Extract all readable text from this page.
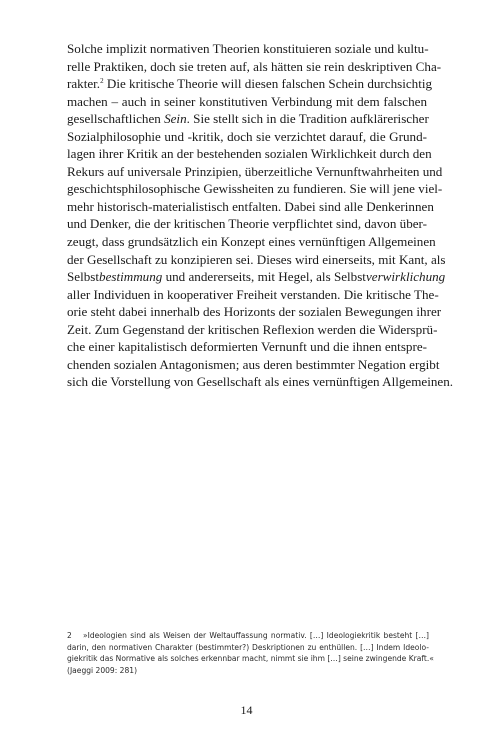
Solche implizit normativen Theorien konstituieren soziale und kultu-
relle Praktiken, doch sie treten auf, als hätten sie rein deskriptiven Cha-
rakter.$^2$ Die kritische Theorie will diesen falschen Schein durchsichtig
machen – auch in seiner konstitutiven Verbindung mit dem falschen
gesellschaftlichen Sein. Sie stellt sich in die Tradition aufklärerischer
Sozialphilosophie und -kritik, doch sie verzichtet darauf, die Grund-
lagen ihrer Kritik an der bestehenden sozialen Wirklichkeit durch den
Rekurs auf universale Prinzipien, überzeitliche Vernunftwahrheiten und
geschichtsphilosophische Gewissheiten zu fundieren. Sie will jene viel-
mehr historisch-materialistisch entfalten. Dabei sind alle Denkerinnen
und Denker, die der kritischen Theorie verpflichtet sind, davon über-
zeugt, dass grundsätzlich ein Konzept eines vernünftigen Allgemeinen
der Gesellschaft zu konzipieren sei. Dieses wird einerseits, mit Kant, als
Selbstbestimmung und andererseits, mit Hegel, als Selbstverwirklichung
aller Individuen in kooperativer Freiheit verstanden. Die kritische The-
orie steht dabei innerhalb des Horizonts der sozialen Bewegungen ihrer
Zeit. Zum Gegenstand der kritischen Reflexion werden die Widersprü-
che einer kapitalistisch deformierten Vernunft und die ihnen entspre-
chenden sozialen Antagonismen; aus deren bestimmter Negation ergibt
sich die Vorstellung von Gesellschaft als eines vernünftigen Allgemeinen.
2 »Ideologien sind als Weisen der Weltauffassung normativ. […] Ideologiekritik besteht […]
darin, den normativen Charakter (bestimmter?) Deskriptionen zu enthüllen. […] Indem Ideolo-
giekritik das Normative als solches erkennbar macht, nimmt sie ihm […] seine zwingende Kraft.«
(Jaeggi 2009: 281)
14
